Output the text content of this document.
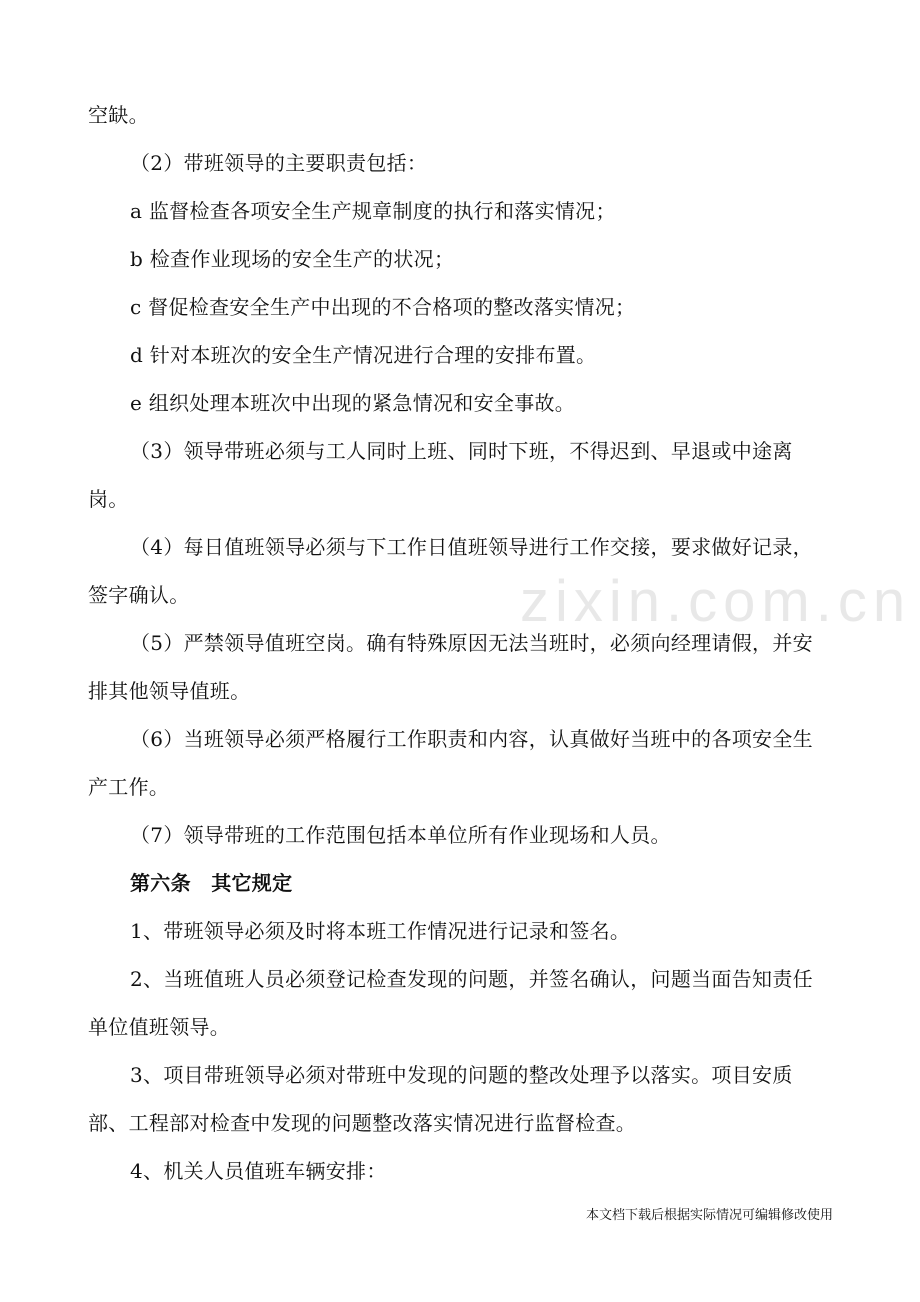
zixin.com.cn

空缺。

（2）带班领导的主要职责包括：

a 监督检查各项安全生产规章制度的执行和落实情况；

b 检查作业现场的安全生产的状况；

c 督促检查安全生产中出现的不合格项的整改落实情况；

d 针对本班次的安全生产情况进行合理的安排布置。

e 组织处理本班次中出现的紧急情况和安全事故。

（3）领导带班必须与工人同时上班、同时下班，不得迟到、早退或中途离岗。

（4）每日值班领导必须与下工作日值班领导进行工作交接，要求做好记录，签字确认。

（5）严禁领导值班空岗。确有特殊原因无法当班时，必须向经理请假，并安排其他领导值班。

（6）当班领导必须严格履行工作职责和内容，认真做好当班中的各项安全生产工作。

（7）领导带班的工作范围包括本单位所有作业现场和人员。

第六条　其它规定

1、带班领导必须及时将本班工作情况进行记录和签名。

2、当班值班人员必须登记检查发现的问题，并签名确认，问题当面告知责任单位值班领导。

3、项目带班领导必须对带班中发现的问题的整改处理予以落实。项目安质部、工程部对检查中发现的问题整改落实情况进行监督检查。

4、机关人员值班车辆安排：

本文档下载后根据实际情况可编辑修改使用
